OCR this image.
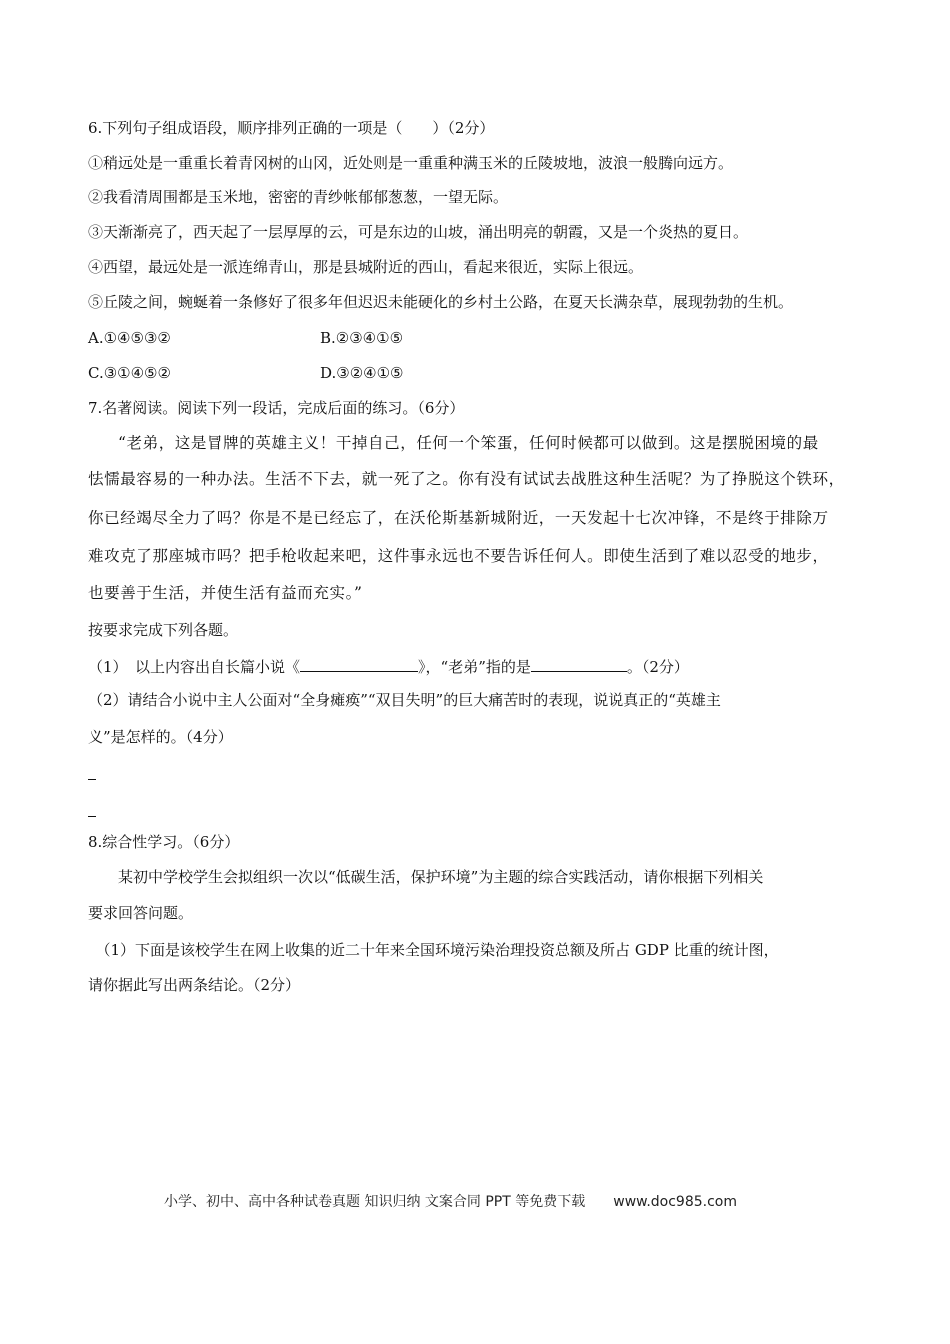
6.下列句子组成语段，顺序排列正确的一项是（　　）（2分）
①稍远处是一重重长着青冈树的山冈，近处则是一重重种满玉米的丘陵坡地，波浪一般腾向远方。
②我看清周围都是玉米地，密密的青纱帐郁郁葱葱，一望无际。
③天渐渐亮了，西天起了一层厚厚的云，可是东边的山坡，涌出明亮的朝霞，又是一个炎热的夏日。
④西望，最远处是一派连绵青山，那是县城附近的西山，看起来很近，实际上很远。
⑤丘陵之间，蜿蜒着一条修好了很多年但迟迟未能硬化的乡村土公路，在夏天长满杂草，展现勃勃的生机。
A.①④⑤③②	B.②③④①⑤
C.③①④⑤②	D.③②④①⑤
7.名著阅读。阅读下列一段话，完成后面的练习。（6分）
“老弟，这是冒牌的英雄主义！干掉自己，任何一个笨蛋，任何时候都可以做到。这是摆脱困境的最
怯懦最容易的一种办法。生活不下去，就一死了之。你有没有试试去战胜这种生活呢？为了挣脱这个铁环，
你已经竭尽全力了吗？你是不是已经忘了，在沃伦斯基新城附近，一天发起十七次冲锋，不是终于排除万
难攻克了那座城市吗？把手枪收起来吧，这件事永远也不要告诉任何人。即使生活到了难以忍受的地步，
也要善于生活，并使生活有益而充实。”
按要求完成下列各题。
（1）　以上内容出自长篇小说《	》，“老弟”指的是	。（2分）
（2）请结合小说中主人公面对“全身瘫痪”“双目失明”的巨大痛苦时的表现，说说真正的“英雄主
义”是怎样的。（4分）
8.综合性学习。（6分）
　　某初中学校学生会拟组织一次以“低碳生活，保护环境”为主题的综合实践活动，请你根据下列相关
要求回答问题。
　（1）下面是该校学生在网上收集的近二十年来全国环境污染治理投资总额及所占 GDP 比重的统计图，
请你据此写出两条结论。（2分）
小学、初中、高中各种试卷真题 知识归纳 文案合同 PPT 等免费下载 www.doc985.com
